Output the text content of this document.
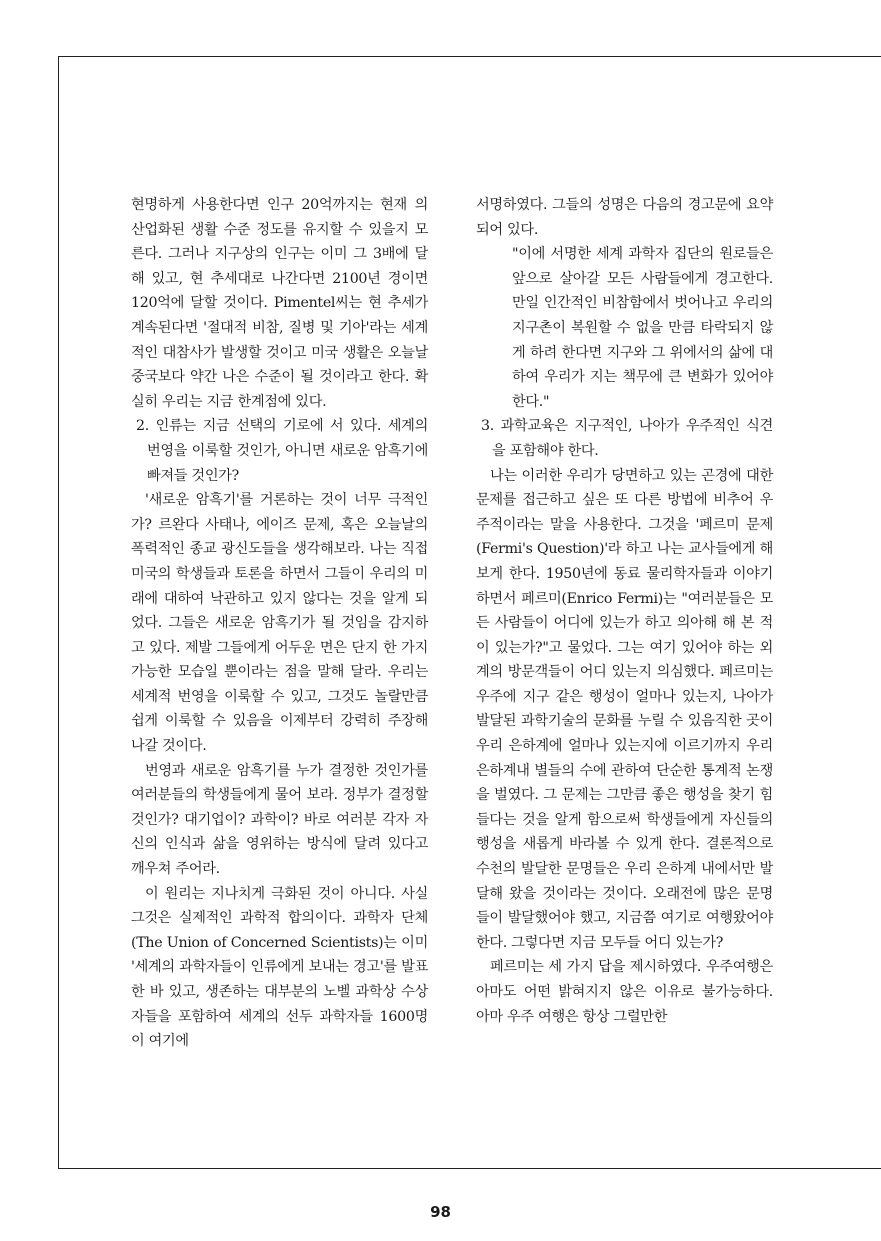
현명하게 사용한다면 인구 20억까지는 현재 의 산업화된 생활 수준 정도를 유지할 수 있을지 모른다. 그러나 지구상의 인구는 이미 그 3배에 달해 있고, 현 추세대로 나간다면 2100년 경이면 120억에 달할 것이다. Pimentel씨는 현 추세가 계속된다면 '절대적 비참, 질병 및 기아'라는 세계적인 대참사가 발생할 것이고 미국 생활은 오늘날 중국보다 약간 나은 수준이 될 것이라고 한다. 확실히 우리는 지금 한계점에 있다.

2. 인류는 지금 선택의 기로에 서 있다. 세계의 번영을 이룩할 것인가, 아니면 새로운 암흑기에 빠져들 것인가?

'새로운 암흑기'를 거론하는 것이 너무 극적인가? 르완다 사태나, 에이즈 문제, 혹은 오늘날의 폭력적인 종교 광신도들을 생각해보라. 나는 직접 미국의 학생들과 토론을 하면서 그들이 우리의 미래에 대하여 낙관하고 있지 않다는 것을 알게 되었다. 그들은 새로운 암흑기가 될 것임을 감지하고 있다. 제발 그들에게 어두운 면은 단지 한 가지 가능한 모습일 뿐이라는 점을 말해 달라. 우리는 세계적 번영을 이룩할 수 있고, 그것도 놀랄만큼 쉽게 이룩할 수 있음을 이제부터 강력히 주장해 나갈 것이다.

번영과 새로운 암흑기를 누가 결정한 것인가를 여러분들의 학생들에게 물어 보라. 정부가 결정할 것인가? 대기업이? 과학이? 바로 여러분 각자 자신의 인식과 삶을 영위하는 방식에 달려 있다고 깨우쳐 주어라.

이 원리는 지나치게 극화된 것이 아니다. 사실 그것은 실제적인 과학적 합의이다. 과학자 단체(The Union of Concerned Scientists)는 이미 '세계의 과학자들이 인류에게 보내는 경고'를 발표한 바 있고, 생존하는 대부분의 노벨 과학상 수상자들을 포함하여 세계의 선두 과학자들 1600명이 여기에

서명하였다. 그들의 성명은 다음의 경고문에 요약되어 있다.

"이에 서명한 세계 과학자 집단의 원로들은 앞으로 살아갈 모든 사람들에게 경고한다. 만일 인간적인 비참함에서 벗어나고 우리의 지구촌이 복원할 수 없을 만큼 타락되지 않게 하려 한다면 지구와 그 위에서의 삶에 대하여 우리가 지는 책무에 큰 변화가 있어야 한다."

3. 과학교육은 지구적인, 나아가 우주적인 식견을 포함해야 한다.

나는 이러한 우리가 당면하고 있는 곤경에 대한 문제를 접근하고 싶은 또 다른 방법에 비추어 우주적이라는 말을 사용한다. 그것을 '페르미 문제(Fermi's Question)'라 하고 나는 교사들에게 해 보게 한다. 1950년에 동료 물리학자들과 이야기하면서 페르미(Enrico Fermi)는 "여러분들은 모든 사람들이 어디에 있는가 하고 의아해 해 본 적이 있는가?"고 물었다. 그는 여기 있어야 하는 외계의 방문객들이 어디 있는지 의심했다. 페르미는 우주에 지구 같은 행성이 얼마나 있는지, 나아가 발달된 과학기술의 문화를 누릴 수 있음직한 곳이 우리 은하계에 얼마나 있는지에 이르기까지 우리 은하계내 별들의 수에 관하여 단순한 통계적 논쟁을 벌였다. 그 문제는 그만큼 좋은 행성을 찾기 힘들다는 것을 알게 함으로써 학생들에게 자신들의 행성을 새롭게 바라볼 수 있게 한다. 결론적으로 수천의 발달한 문명들은 우리 은하계 내에서만 발달해 왔을 것이라는 것이다. 오래전에 많은 문명들이 발달했어야 했고, 지금쯤 여기로 여행왔어야 한다. 그렇다면 지금 모두들 어디 있는가?

페르미는 세 가지 답을 제시하였다. 우주여행은 아마도 어떤 밝혀지지 않은 이유로 불가능하다. 아마 우주 여행은 항상 그럴만한

98
